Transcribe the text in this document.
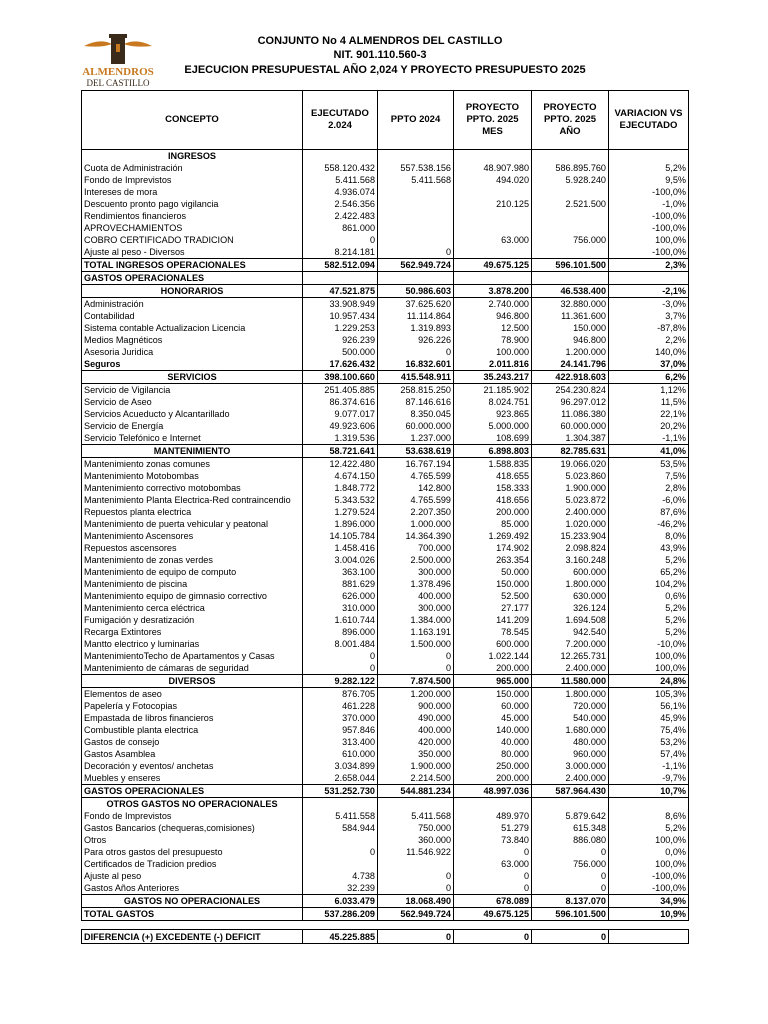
ALMENDROS
DEL CASTILLO
CONJUNTO No 4 ALMENDROS DEL CASTILLO
NIT. 901.110.560-3
EJECUCION PRESUPUESTAL AÑO 2,024 Y PROYECTO PRESUPUESTO 2025
CONCEPTO	EJECUTADO 2.024	PPTO 2024	PROYECTO PPTO. 2025 MES	PROYECTO PPTO. 2025 AÑO	VARIACION VS EJECUTADO
INGRESOS					
Cuota de Administración	558.120.432	557.538.156	48.907.980	586.895.760	5,2%
Fondo de Imprevistos	5.411.568	5.411.568	494.020	5.928.240	9,5%
Intereses de mora	4.936.074				-100,0%
Descuento pronto pago vigilancia	2.546.356		210.125	2.521.500	-1,0%
Rendimientos financieros	2.422.483				-100,0%
APROVECHAMIENTOS	861.000				-100,0%
COBRO CERTIFICADO TRADICION	0		63.000	756.000	100,0%
Ajuste al peso - Diversos	8.214.181	0			-100,0%
TOTAL INGRESOS OPERACIONALES	582.512.094	562.949.724	49.675.125	596.101.500	2,3%
GASTOS OPERACIONALES					
HONORARIOS	47.521.875	50.986.603	3.878.200	46.538.400	-2,1%
Administración	33.908.949	37.625.620	2.740.000	32.880.000	-3,0%
Contabilidad	10.957.434	11.114.864	946.800	11.361.600	3,7%
Sistema contable Actualizacion Licencia	1.229.253	1.319.893	12.500	150.000	-87,8%
Medios Magnéticos	926.239	926.226	78.900	946.800	2,2%
Asesoria Juridica	500.000	0	100.000	1.200.000	140,0%
Seguros	17.626.432	16.832.601	2.011.816	24.141.796	37,0%
SERVICIOS	398.100.660	415.548.911	35.243.217	422.918.603	6,2%
Servicio de Vigilancia	251.405.885	258.815.250	21.185.902	254.230.824	1,12%
Servicio de Aseo	86.374.616	87.146.616	8.024.751	96.297.012	11,5%
Servicios Acueducto y Alcantarillado	9.077.017	8.350.045	923.865	11.086.380	22,1%
Servicio de Energía	49.923.606	60.000.000	5.000.000	60.000.000	20,2%
Servicio Telefónico e Internet	1.319.536	1.237.000	108.699	1.304.387	-1,1%
MANTENIMIENTO	58.721.641	53.638.619	6.898.803	82.785.631	41,0%
Mantenimiento zonas comunes	12.422.480	16.767.194	1.588.835	19.066.020	53,5%
Mantenimiento Motobombas	4.674.150	4.765.599	418.655	5.023.860	7,5%
Mantenimiento correctivo motobombas	1.848.772	142.800	158.333	1.900.000	2,8%
Mantenimiento Planta Electrica-Red contraincendio	5.343.532	4.765.599	418.656	5.023.872	-6,0%
Repuestos planta electrica	1.279.524	2.207.350	200.000	2.400.000	87,6%
Mantenimiento de puerta vehicular y peatonal	1.896.000	1.000.000	85.000	1.020.000	-46,2%
Mantenimiento Ascensores	14.105.784	14.364.390	1.269.492	15.233.904	8,0%
Repuestos ascensores	1.458.416	700.000	174.902	2.098.824	43,9%
Mantenimiento de zonas verdes	3.004.026	2.500.000	263.354	3.160.248	5,2%
Mantenimiento de equipo de computo	363.100	300.000	50.000	600.000	65,2%
Mantenimiento de piscina	881.629	1.378.496	150.000	1.800.000	104,2%
Mantenimiento equipo de gimnasio correctivo	626.000	400.000	52.500	630.000	0,6%
Mantenimiento cerca eléctrica	310.000	300.000	27.177	326.124	5,2%
Fumigación y desratización	1.610.744	1.384.000	141.209	1.694.508	5,2%
Recarga Extintores	896.000	1.163.191	78.545	942.540	5,2%
Mantto electrico y luminarias	8.001.484	1.500.000	600.000	7.200.000	-10,0%
MantenimientoTecho de Apartamentos y Casas	0	0	1.022.144	12.265.731	100,0%
Mantenimiento de cámaras de seguridad	0	0	200.000	2.400.000	100,0%
DIVERSOS	9.282.122	7.874.500	965.000	11.580.000	24,8%
Elementos de aseo	876.705	1.200.000	150.000	1.800.000	105,3%
Papelería y Fotocopias	461.228	900.000	60.000	720.000	56,1%
Empastada de libros financieros	370.000	490.000	45.000	540.000	45,9%
Combustible planta electrica	957.846	400.000	140.000	1.680.000	75,4%
Gastos de consejo	313.400	420.000	40.000	480.000	53,2%
Gastos Asamblea	610.000	350.000	80.000	960.000	57,4%
Decoración y eventos/ anchetas	3.034.899	1.900.000	250.000	3.000.000	-1,1%
Muebles y enseres	2.658.044	2.214.500	200.000	2.400.000	-9,7%
GASTOS OPERACIONALES	531.252.730	544.881.234	48.997.036	587.964.430	10,7%
OTROS GASTOS NO OPERACIONALES					
Fondo de Imprevistos	5.411.558	5.411.568	489.970	5.879.642	8,6%
Gastos Bancarios (chequeras,comisiones)	584.944	750.000	51.279	615.348	5,2%
Otros		360.000	73.840	886.080	100,0%
Para otros gastos del presupuesto	0	11.546.922	0	0	0,0%
Certificados de Tradicion predios			63.000	756.000	100,0%
Ajuste al peso	4.738	0	0	0	-100,0%
Gastos Años Anteriores	32.239	0	0	0	-100,0%
GASTOS NO OPERACIONALES	6.033.479	18.068.490	678.089	8.137.070	34,9%
TOTAL GASTOS	537.286.209	562.949.724	49.675.125	596.101.500	10,9%

DIFERENCIA (+) EXCEDENTE (-) DEFICIT	45.225.885	0	0	0	
